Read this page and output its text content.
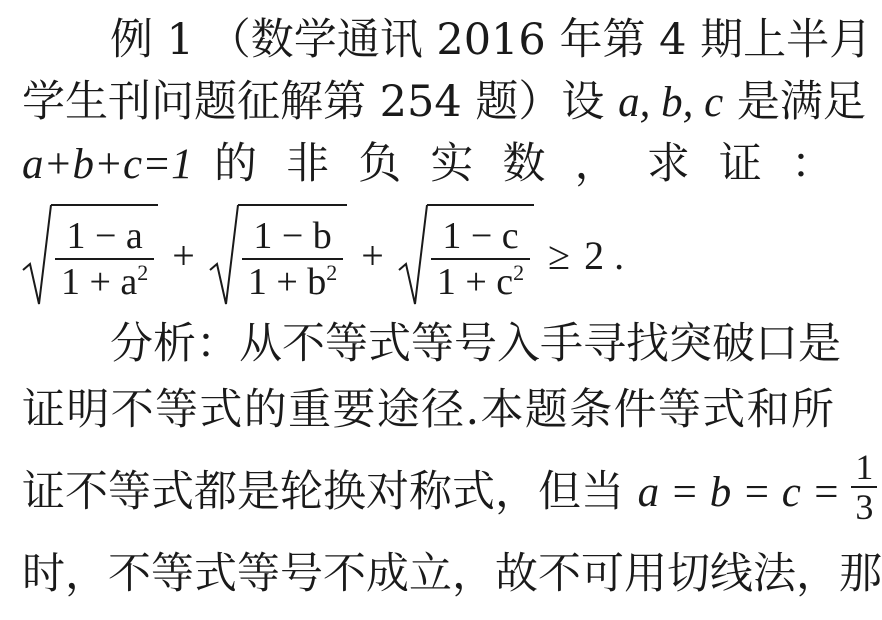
例 1 （数学通讯 2016 年第 4 期上半月
学生刊问题征解第 254 题）设 a, b, c 是满足
a+b+c=1 的 非 负 实 数 ， 求 证 ：
$\frac{1 - a}{1 + a^2} + \frac{1 - b}{1 + b^2} + \frac{1 - c}{1 + c^2} \ge 2$ .
分析：从不等式等号入手寻找突破口是
证明不等式的重要途径.本题条件等式和所
证不等式都是轮换对称式，但当 $a = b = c = \frac{1}{3}$
时，不等式等号不成立，故不可用切线法，那
